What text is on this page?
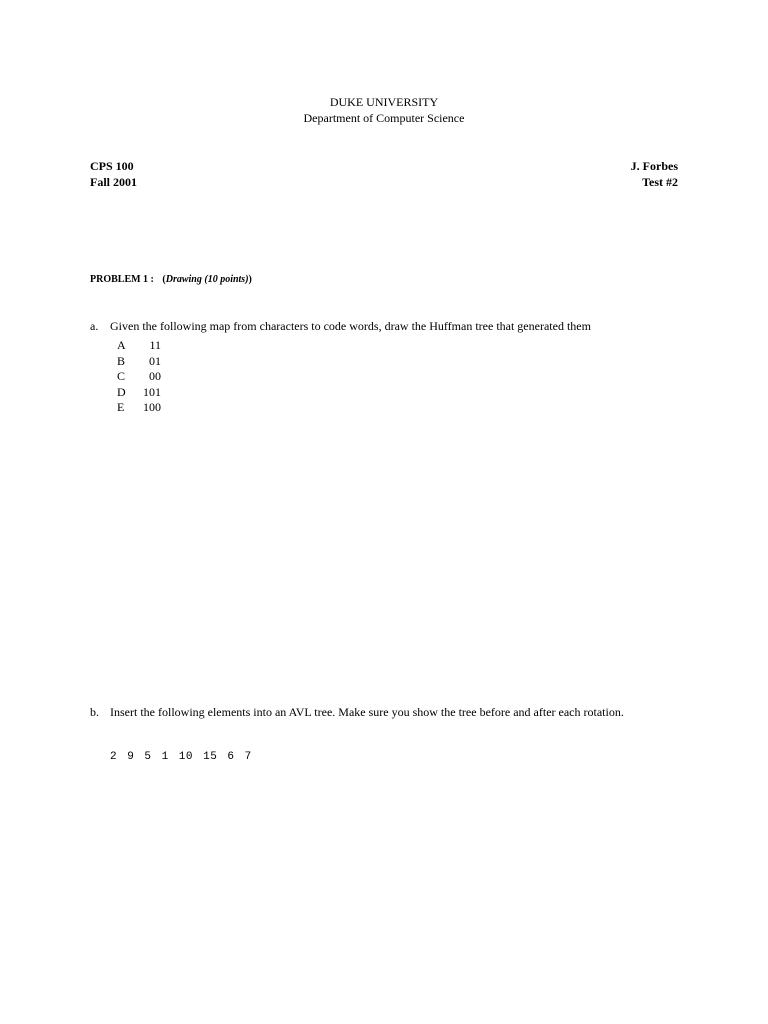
DUKE UNIVERSITY
Department of Computer Science
CPS 100
Fall 2001
J. Forbes
Test #2
PROBLEM 1 : (Drawing (10 points))
a. Given the following map from characters to code words, draw the Huffman tree that generated them
A 11
B 01
C 00
D 101
E 100
b. Insert the following elements into an AVL tree. Make sure you show the tree before and after each rotation.
2 9 5 1 10 15 6 7
